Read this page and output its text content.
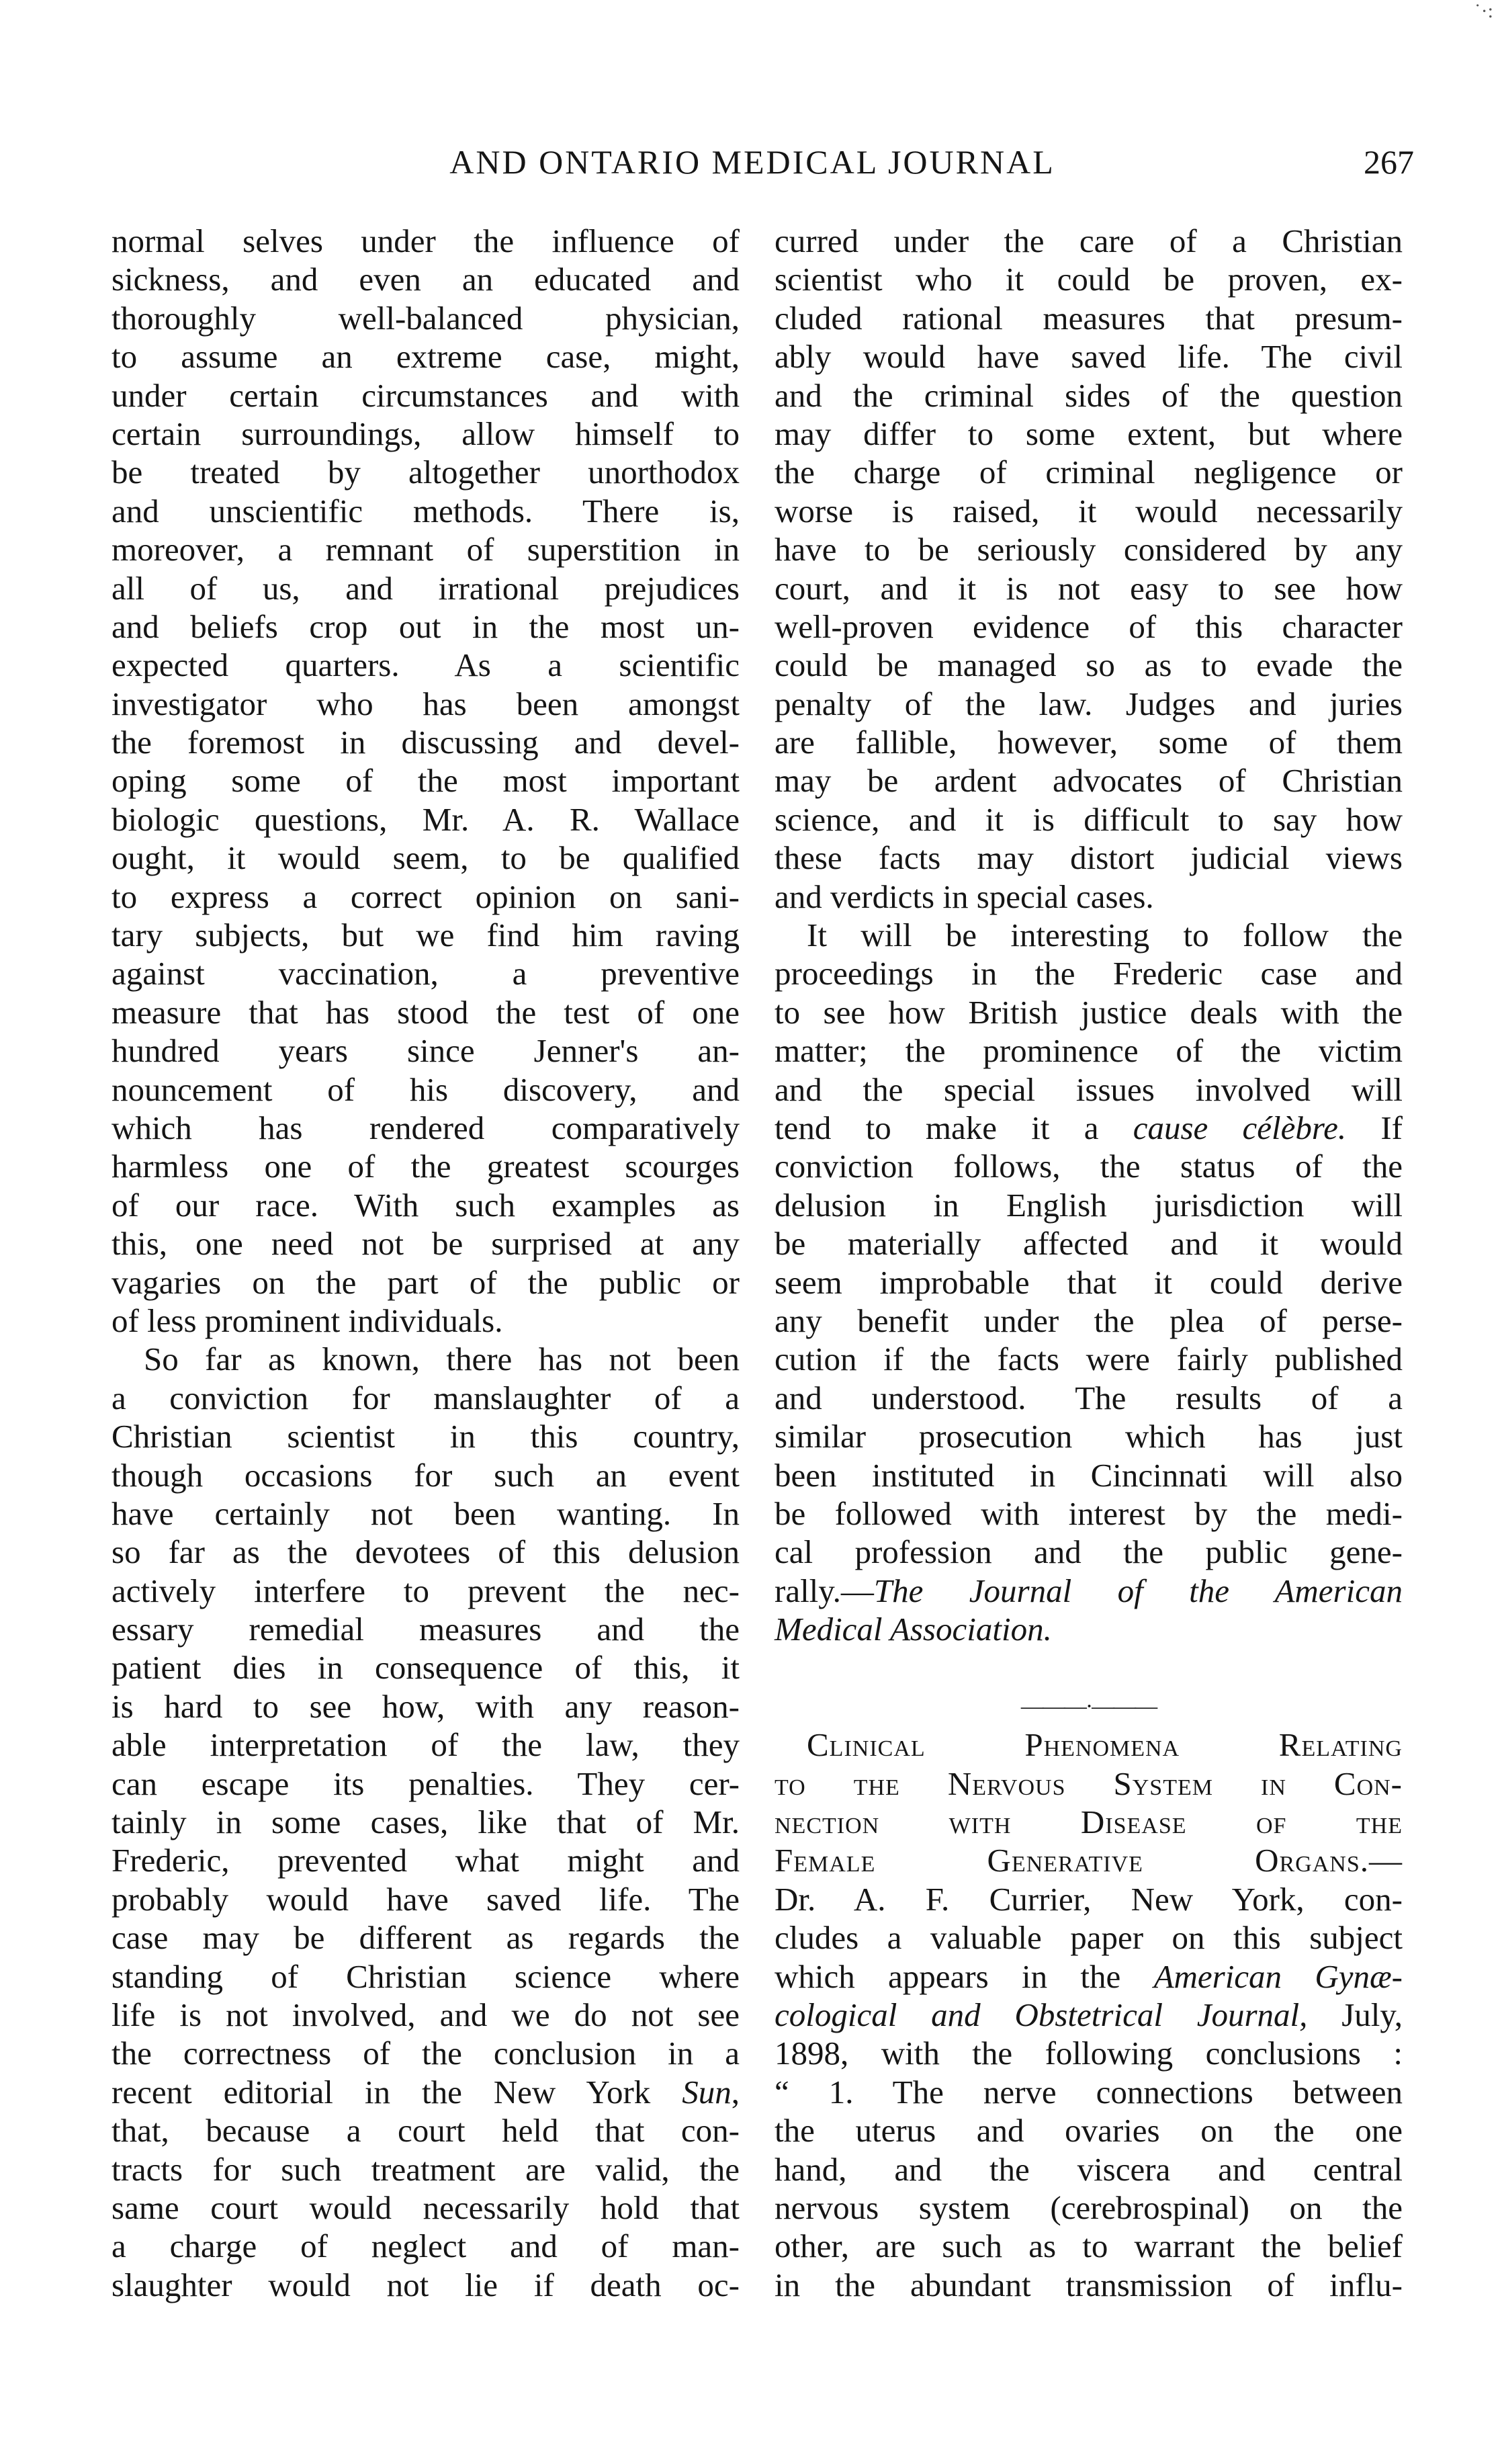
AND ONTARIO MEDICAL JOURNAL	267
˙·:
normal selves under the influence of
sickness, and even an educated and
thoroughly well-balanced physician,
to assume an extreme case, might,
under certain circumstances and with
certain surroundings, allow himself to
be treated by altogether unorthodox
and unscientific methods. There is,
moreover, a remnant of superstition in
all of us, and irrational prejudices
and beliefs crop out in the most un-
expected quarters. As a scientific
investigator who has been amongst
the foremost in discussing and devel-
oping some of the most important
biologic questions, Mr. A. R. Wallace
ought, it would seem, to be qualified
to express a correct opinion on sani-
tary subjects, but we find him raving
against vaccination, a preventive
measure that has stood the test of one
hundred years since Jenner's an-
nouncement of his discovery, and
which has rendered comparatively
harmless one of the greatest scourges
of our race. With such examples as
this, one need not be surprised at any
vagaries on the part of the public or
of less prominent individuals.
So far as known, there has not been
a conviction for manslaughter of a
Christian scientist in this country,
though occasions for such an event
have certainly not been wanting. In
so far as the devotees of this delusion
actively interfere to prevent the nec-
essary remedial measures and the
patient dies in consequence of this, it
is hard to see how, with any reason-
able interpretation of the law, they
can escape its penalties. They cer-
tainly in some cases, like that of Mr.
Frederic, prevented what might and
probably would have saved life. The
case may be different as regards the
standing of Christian science where
life is not involved, and we do not see
the correctness of the conclusion in a
recent editorial in the New York Sun,
that, because a court held that con-
tracts for such treatment are valid, the
same court would necessarily hold that
a charge of neglect and of man-
slaughter would not lie if death oc-
curred under the care of a Christian
scientist who it could be proven, ex-
cluded rational measures that presum-
ably would have saved life. The civil
and the criminal sides of the question
may differ to some extent, but where
the charge of criminal negligence or
worse is raised, it would necessarily
have to be seriously considered by any
court, and it is not easy to see how
well-proven evidence of this character
could be managed so as to evade the
penalty of the law. Judges and juries
are fallible, however, some of them
may be ardent advocates of Christian
science, and it is difficult to say how
these facts may distort judicial views
and verdicts in special cases.
It will be interesting to follow the
proceedings in the Frederic case and
to see how British justice deals with the
matter; the prominence of the victim
and the special issues involved will
tend to make it a cause célèbre. If
conviction follows, the status of the
delusion in English jurisdiction will
be materially affected and it would
seem improbable that it could derive
any benefit under the plea of perse-
cution if the facts were fairly published
and understood. The results of a
similar prosecution which has just
been instituted in Cincinnati will also
be followed with interest by the medi-
cal profession and the public gene-
rally.—The Journal of the American
Medical Association.
———·———
Clinical Phenomena Relating
to the Nervous System in Con-
nection with Disease of the
Female Generative Organs.—
Dr. A. F. Currier, New York, con-
cludes a valuable paper on this subject
which appears in the American Gynæ-
cological and Obstetrical Journal, July,
1898, with the following conclusions :
“ 1. The nerve connections between
the uterus and ovaries on the one
hand, and the viscera and central
nervous system (cerebrospinal) on the
other, are such as to warrant the belief
in the abundant transmission of influ-
